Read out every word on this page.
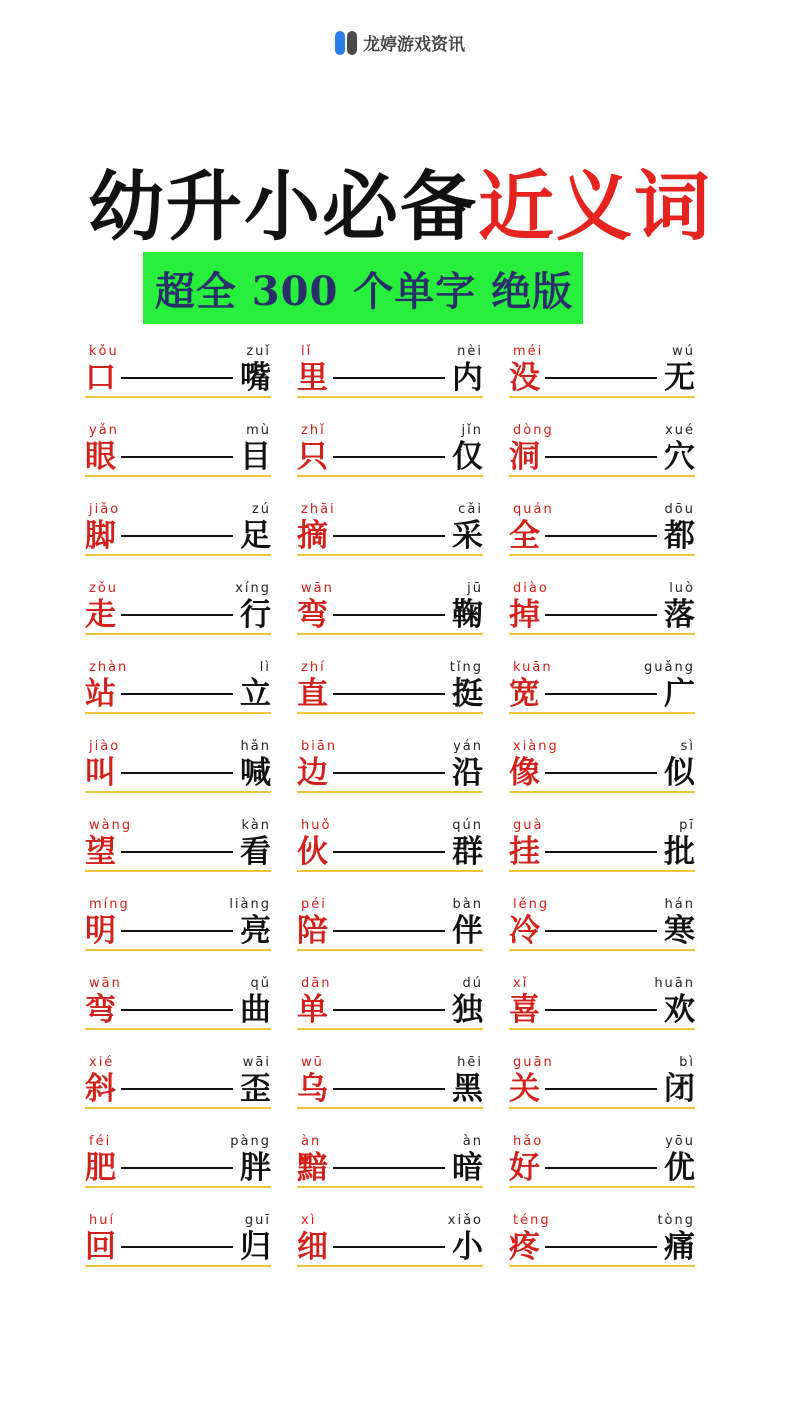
龙婷游戏资讯
幼升小必备近义词
超全 300 个单字 绝版
kǒu	zuǐ
口	嘴
lǐ	nèi
里	内
méi	wú
没	无
yǎn	mù
眼	目
zhǐ	jǐn
只	仅
dòng	xué
洞	穴
jiǎo	zú
脚	足
zhāi	cǎi
摘	采
quán	dōu
全	都
zǒu	xíng
走	行
wān	jū
弯	鞠
diào	luò
掉	落
zhàn	lì
站	立
zhí	tǐng
直	挺
kuān	guǎng
宽	广
jiào	hǎn
叫	喊
biān	yán
边	沿
xiàng	sì
像	似
wàng	kàn
望	看
huǒ	qún
伙	群
guà	pī
挂	批
míng	liàng
明	亮
péi	bàn
陪	伴
lěng	hán
冷	寒
wān	qǔ
弯	曲
dān	dú
单	独
xǐ	huān
喜	欢
xié	wāi
斜	歪
wū	hēi
乌	黑
guān	bì
关	闭
féi	pàng
肥	胖
àn	àn
黯	暗
hǎo	yōu
好	优
huí	guī
回	归
xì	xiǎo
细	小
téng	tòng
疼	痛
